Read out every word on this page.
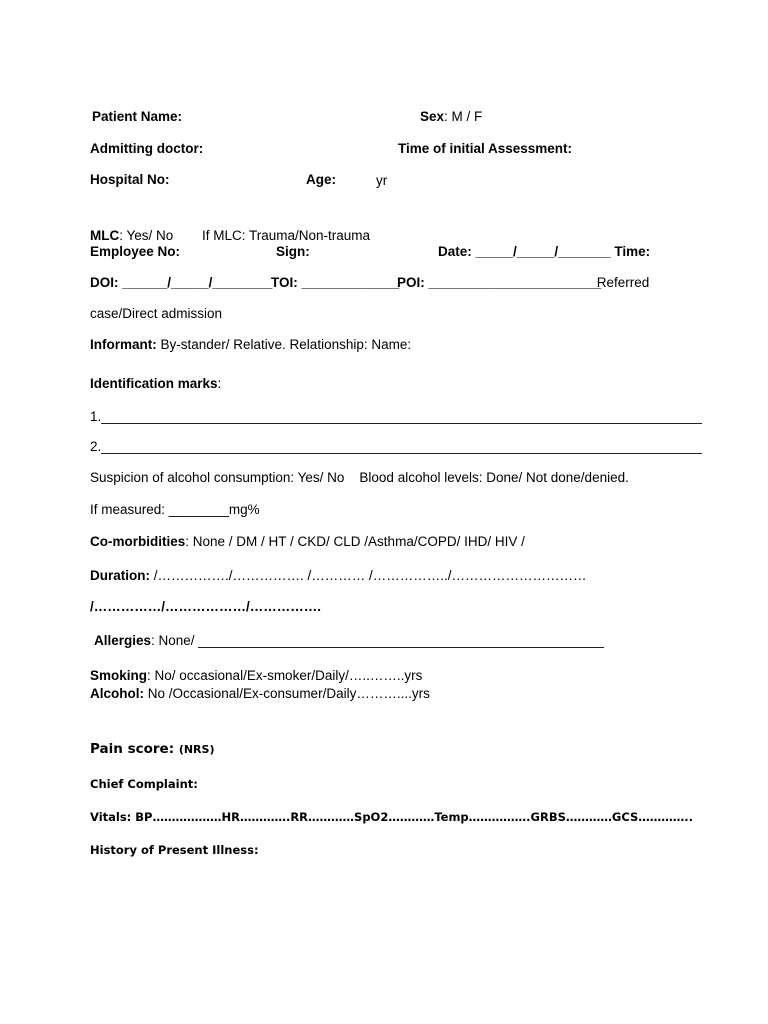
Patient Name:	Sex: M / F
Admitting doctor:	Time of initial Assessment:
Hospital No:	Age:	yr
MLC: Yes/ No If MLC: Trauma/Non-trauma
Employee No:	Sign:	Date: _____/_____/_______ Time:
DOI: ______/_____/________
TOI: _____________
POI: _______________________
Referred
case/Direct admission
Informant: By-stander/ Relative. Relationship: Name:
Identification marks:
1.________________________________________________________________________________
2.________________________________________________________________________________
Suspicion of alcohol consumption: Yes/ No    Blood alcohol levels: Done/ Not done/denied.
If measured: ________mg%
Co-morbidities: None / DM / HT / CKD/ CLD /Asthma/COPD/ IHD/ HIV /
Duration: /……………./……………. /………… /……………../…………………………
/……………/………………/…………….
Allergies: None/ ______________________________________________________
Smoking: No/ occasional/Ex-smoker/Daily/…..……..yrs
Alcohol: No /Occasional/Ex-consumer/Daily………....yrs
Pain score: (NRS)
Chief Complaint:
Vitals: BP………………HR………….RR…………SpO2…………Temp…………….GRBS…………GCS…………..
History of Present Illness:
